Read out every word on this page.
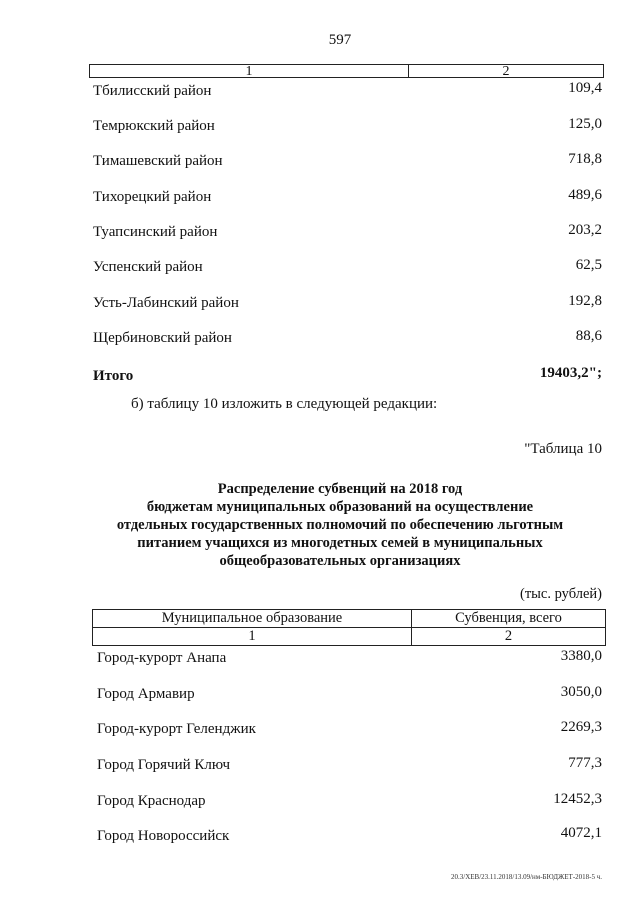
597
1	2
Тбилисский район	109,4
Темрюкский район	125,0
Тимашевский район	718,8
Тихорецкий район	489,6
Туапсинский район	203,2
Успенский район	62,5
Усть-Лабинский район	192,8
Щербиновский район	88,6
Итого	19403,2";
б) таблицу 10 изложить в следующей редакции:
"Таблица 10
Распределение субвенций на 2018 год
бюджетам муниципальных образований на осуществление
отдельных государственных полномочий по обеспечению льготным
питанием учащихся из многодетных семей в муниципальных
общеобразовательных организациях
(тыс. рублей)
Муниципальное образование	Субвенция, всего
1	2
Город-курорт Анапа	3380,0
Город Армавир	3050,0
Город-курорт Геленджик	2269,3
Город Горячий Ключ	777,3
Город Краснодар	12452,3
Город Новороссийск	4072,1
20.3/XEB/23.11.2018/13.09/нм-БЮДЖЕТ-2018-5 ч.
